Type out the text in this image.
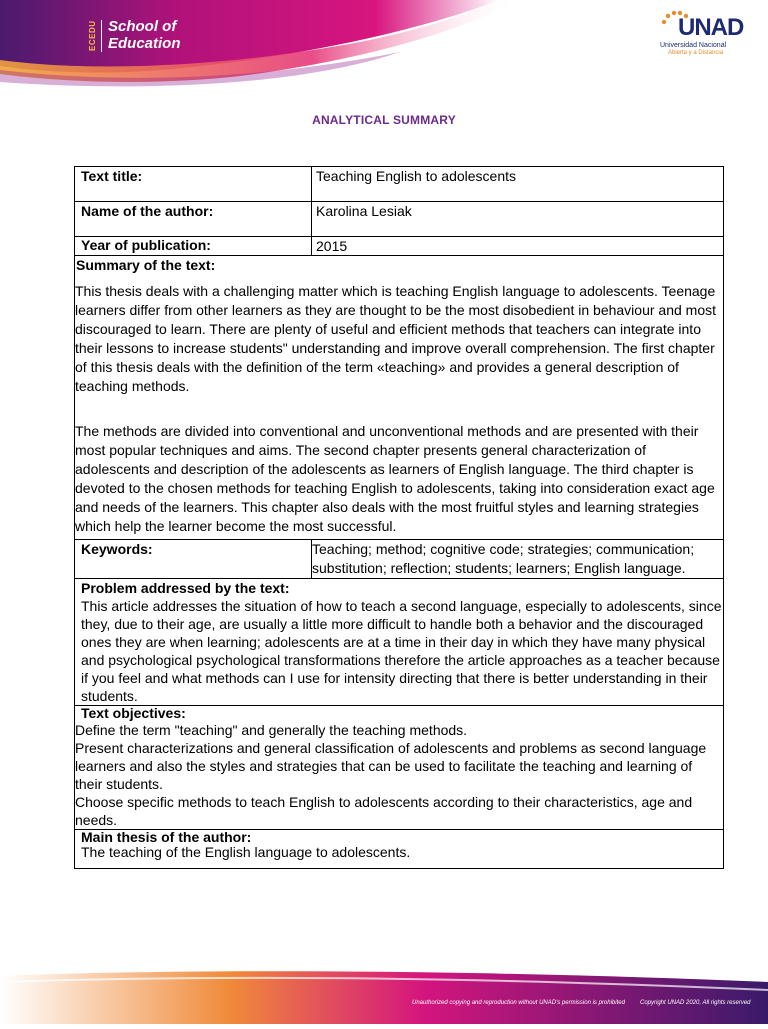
ECEDU School of
Education
UNAD
Universidad Nacional
Abierta y a Distancia
ANALYTICAL SUMMARY
Text title:	Teaching English to adolescents
Name of the author:	Karolina Lesiak
Year of publication:	2015

Summary of the text:

This thesis deals with a challenging matter which is teaching English language to adolescents. Teenage learners differ from other learners as they are thought to be the most disobedient in behaviour and most discouraged to learn. There are plenty of useful and efficient methods that teachers can integrate into their lessons to increase students" understanding and improve overall comprehension. The first chapter of this thesis deals with the definition of the term «teaching» and provides a general description of teaching methods.

The methods are divided into conventional and unconventional methods and are presented with their most popular techniques and aims. The second chapter presents general characterization of adolescents and description of the adolescents as learners of English language. The third chapter is devoted to the chosen methods for teaching English to adolescents, taking into consideration exact age and needs of the learners. This chapter also deals with the most fruitful styles and learning strategies which help the learner become the most successful.	

Keywords:	Teaching; method; cognitive code; strategies; communication; substitution; reflection; students; learners; English language.

Problem addressed by the text:

This article addresses the situation of how to teach a second language, especially to adolescents, since they, due to their age, are usually a little more difficult to handle both a behavior and the discouraged ones they are when learning; adolescents are at a time in their day in which they have many physical and psychological psychological transformations therefore the article approaches as a teacher because if you feel and what methods can I use for intensity directing that there is better understanding in their students.	

Text objectives:

Define the term "teaching" and generally the teaching methods.

Present characterizations and general classification of adolescents and problems as second language learners and also the styles and strategies that can be used to facilitate the teaching and learning of their students.

Choose specific methods to teach English to adolescents according to their characteristics, age and needs.	

Main thesis of the author:

The teaching of the English language to adolescents.	

Unauthorized copying and reproduction without UNAD's permission is prohibited	Copyright UNAD 2020, All rights reserved
